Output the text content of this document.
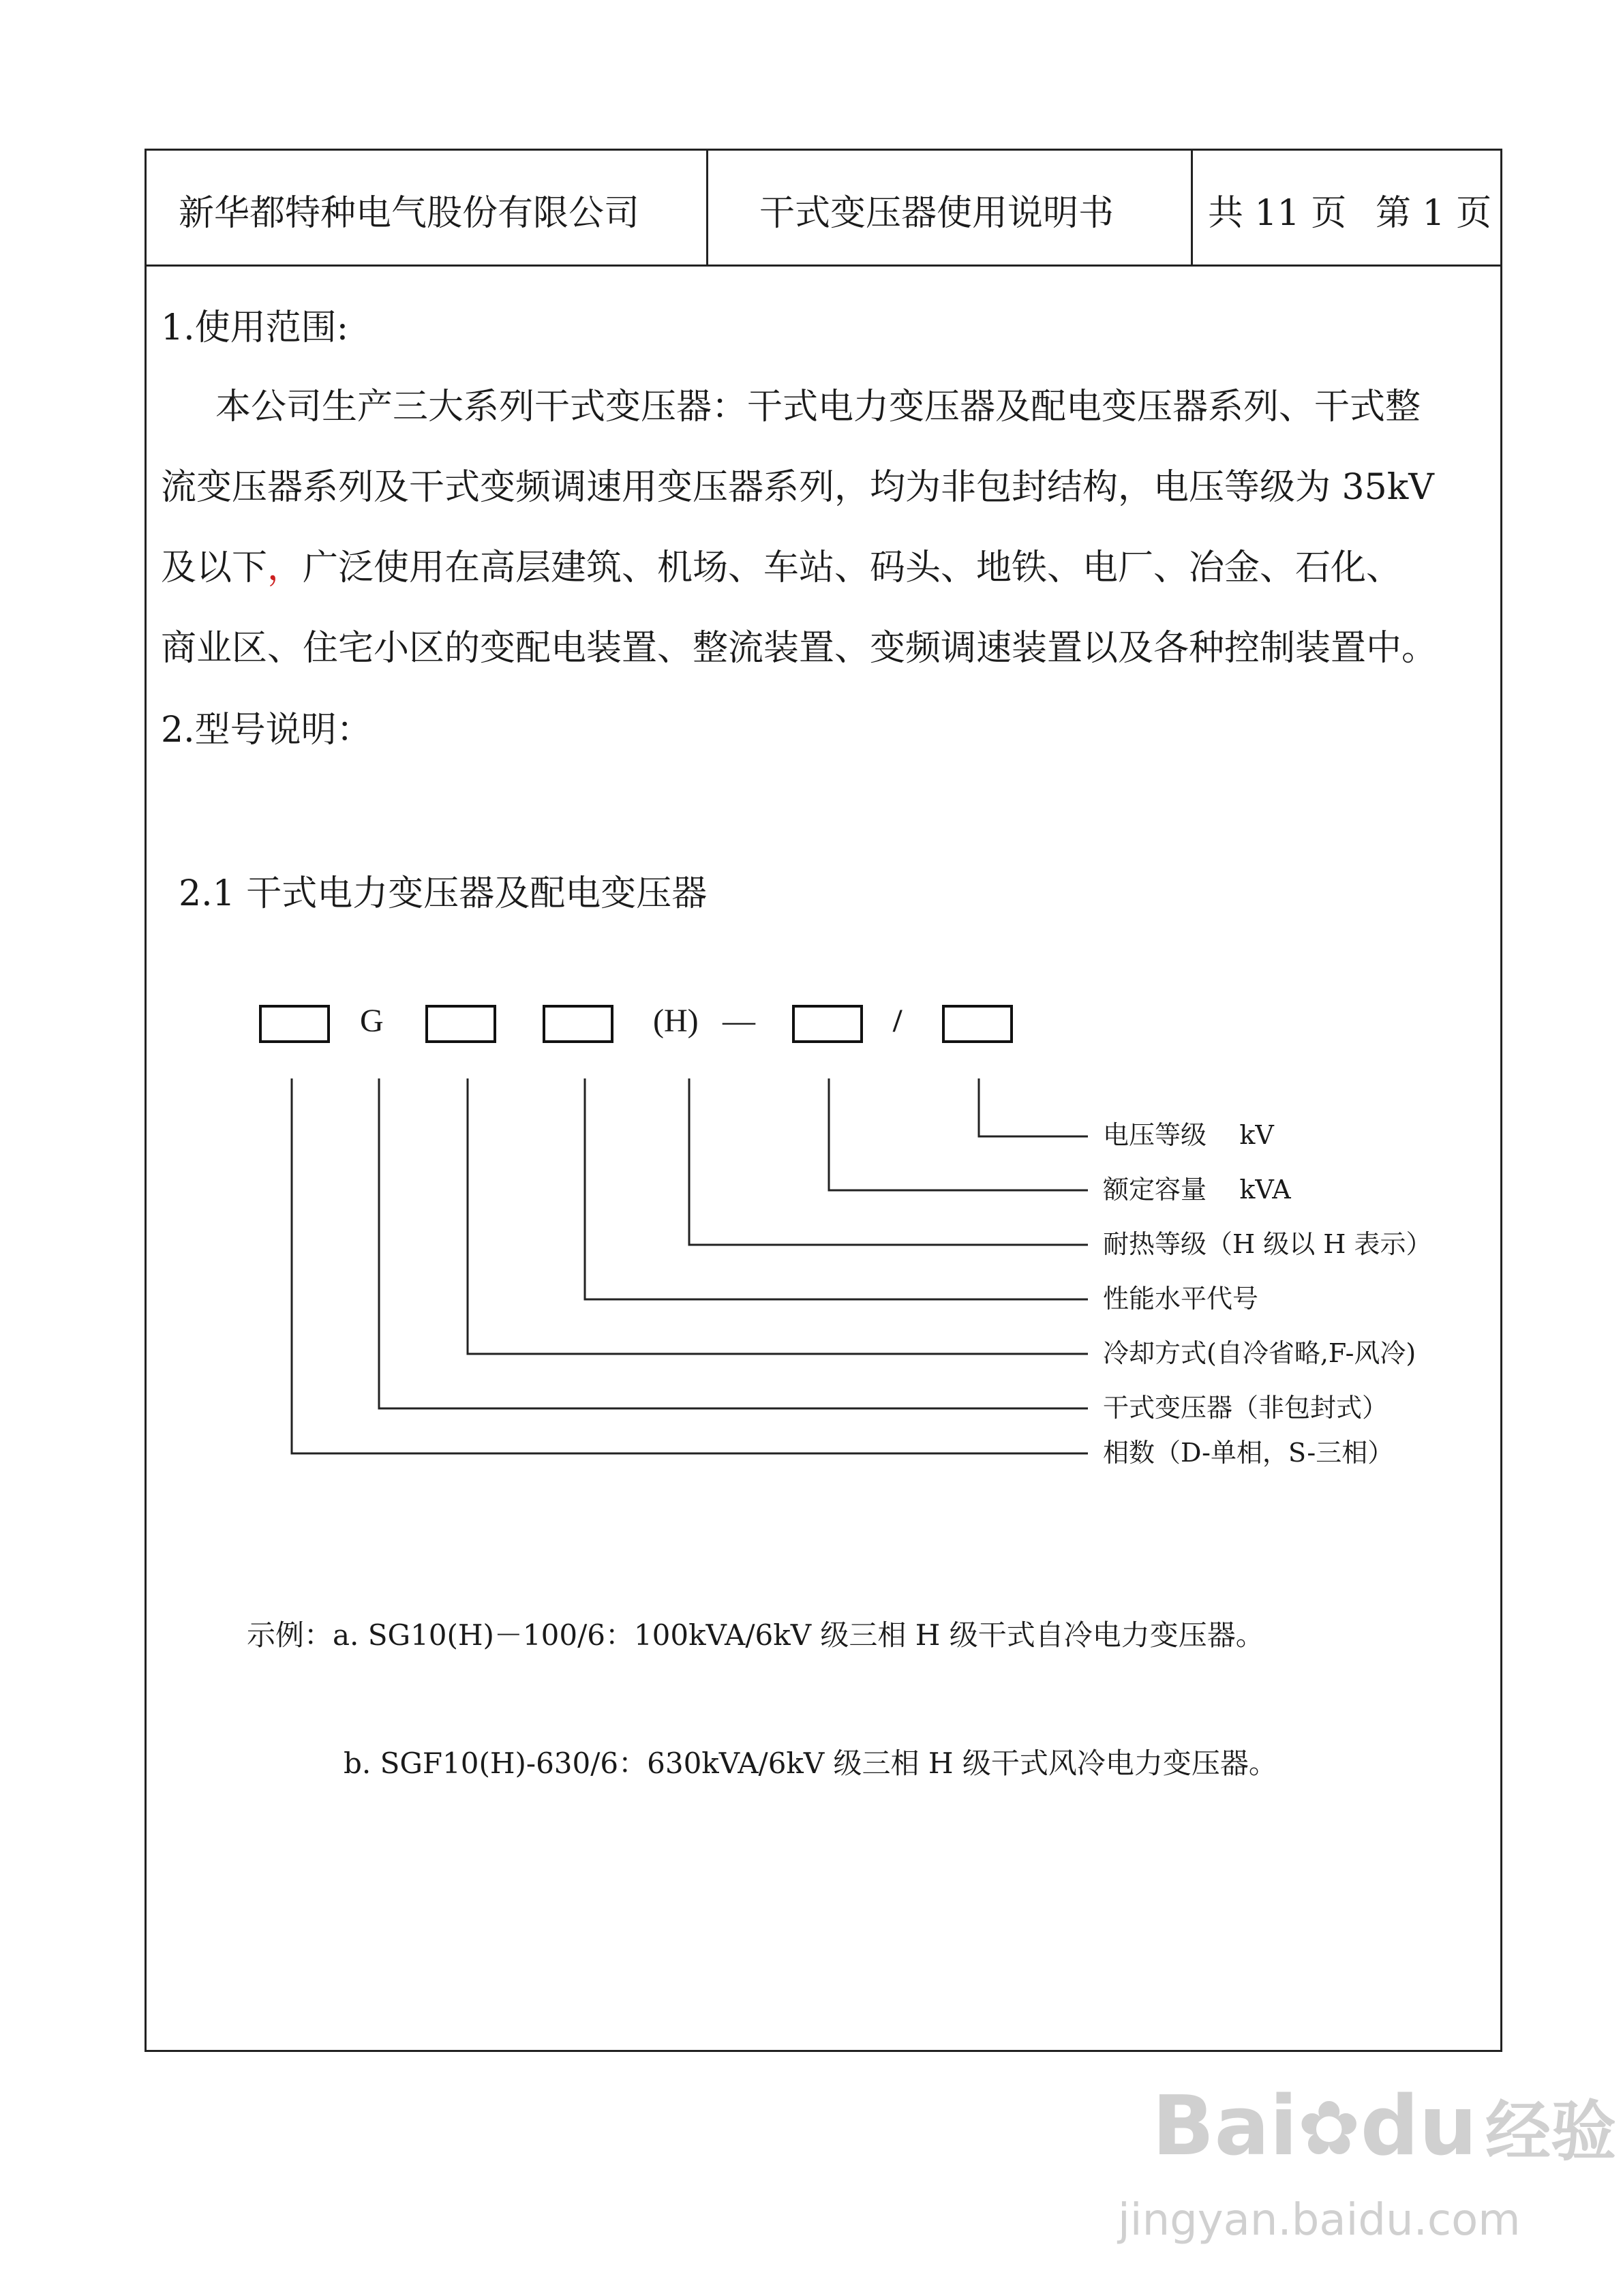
新华都特种电气股份有限公司	干式变压器使用说明书	共 11 页 第 1 页
1.使用范围:
本公司生产三大系列干式变压器：干式电力变压器及配电变压器系列、干式整
流变压器系列及干式变频调速用变压器系列，均为非包封结构，电压等级为 35kV
及以下，广泛使用在高层建筑、机场、车站、码头、地铁、电厂、冶金、石化、
商业区、住宅小区的变配电装置、整流装置、变频调速装置以及各种控制装置中。
2.型号说明：
2.1 干式电力变压器及配电变压器
G	(H) —	/
电压等级    kV
额定容量    kVA
耐热等级（H 级以 H 表示）
性能水平代号
冷却方式(自冷省略,F-风冷)
干式变压器（非包封式）
相数（D-单相，S-三相）
示例：a. SG10(H)－100/6：100kVA/6kV 级三相 H 级干式自冷电力变压器。
b. SGF10(H)-630/6：630kVA/6kV 级三相 H 级干式风冷电力变压器。
Bai✿du 经验
jingyan.baidu.com
